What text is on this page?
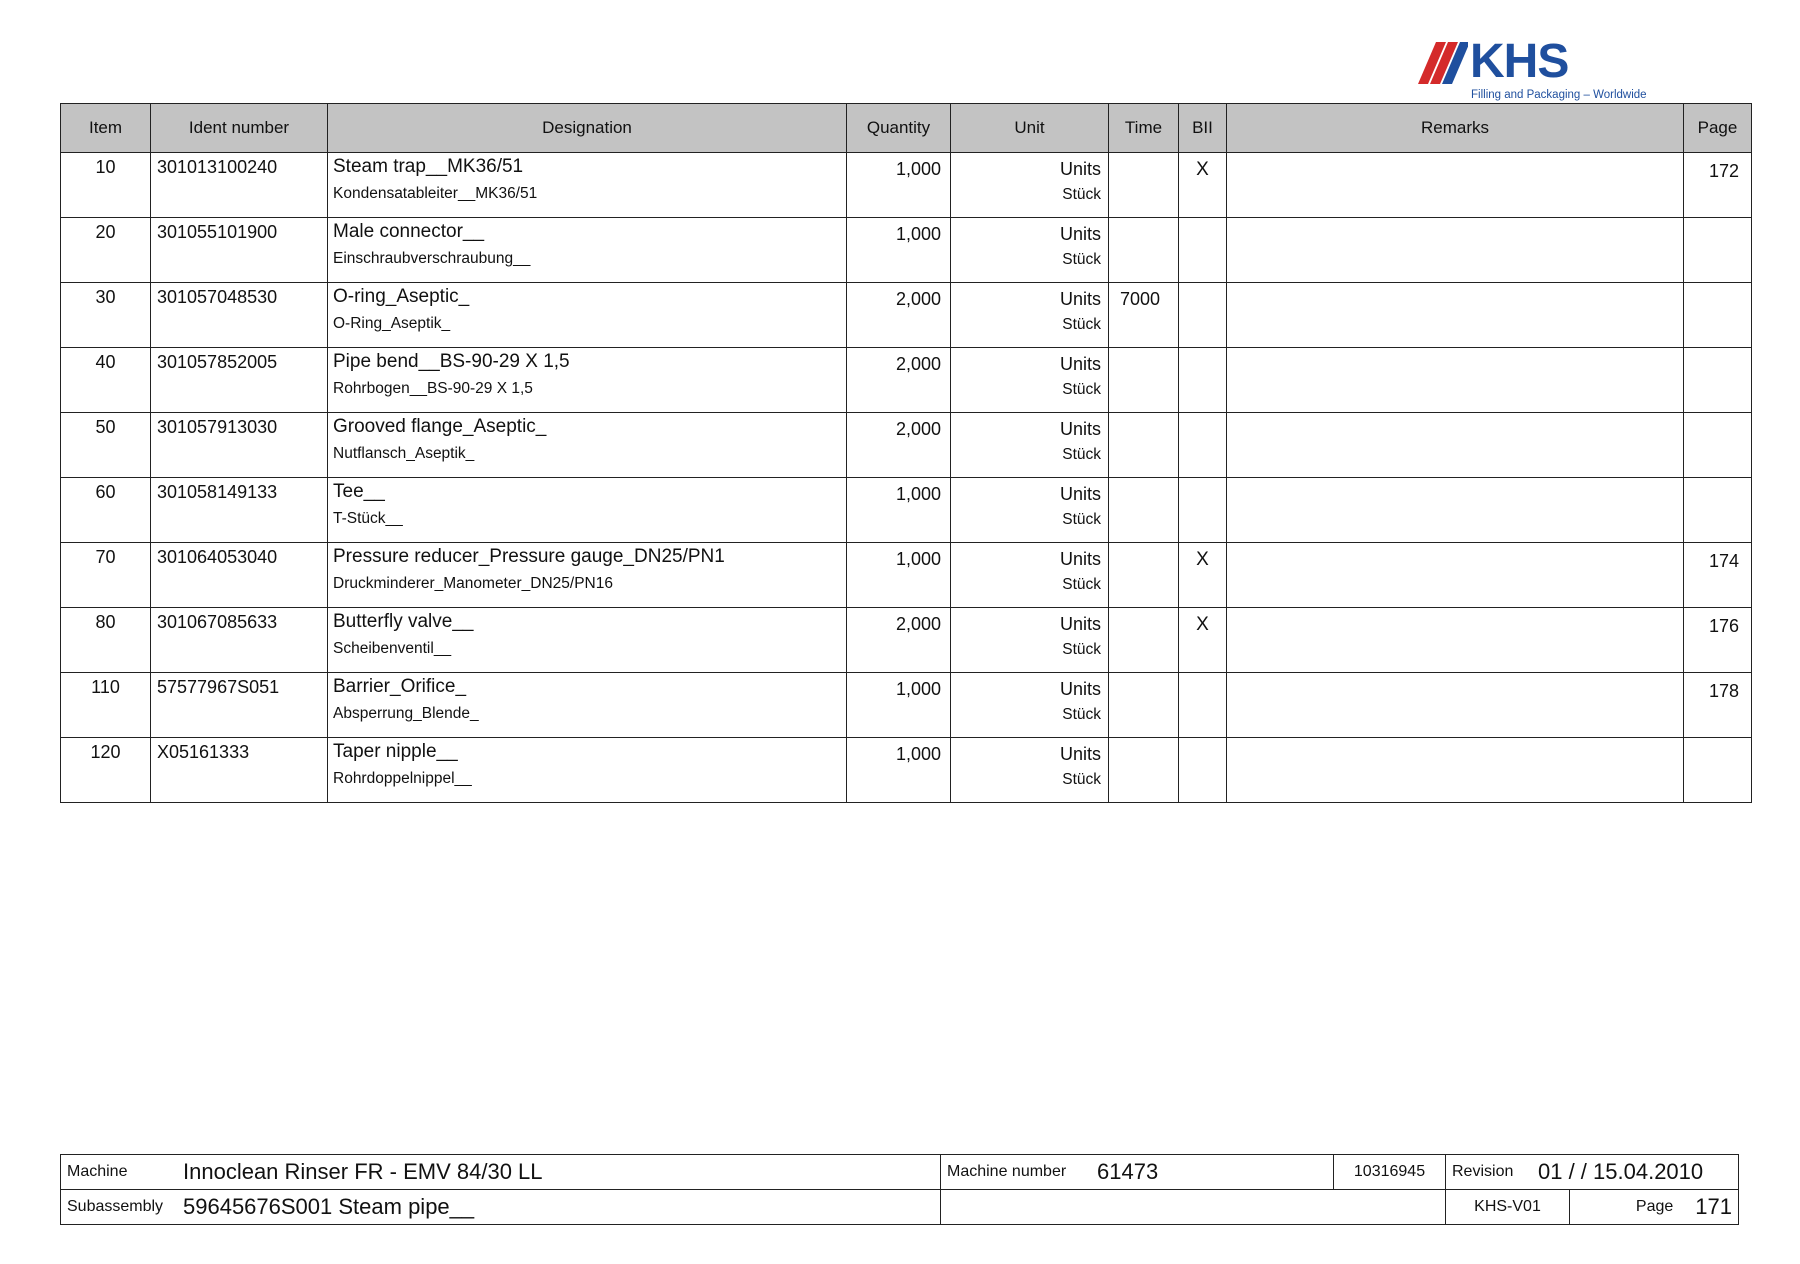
KHS
Filling and Packaging – Worldwide
Item	Ident number	Designation	Quantity	Unit	Time	BII	Remarks	Page
10	301013100240	Steam trap__MK36/51
Kondensatableiter__MK36/51	1,000	Units
Stück		X		172
20	301055101900	Male connector__
Einschraubverschraubung__	1,000	Units
Stück				

30	301057048530	O-ring_Aseptic_
O-Ring_Aseptik_	2,000	Units
Stück	7000			
40	301057852005	Pipe bend__BS-90-29 X 1,5
Rohrbogen__BS-90-29 X 1,5	2,000	Units
Stück				

50	301057913030	Grooved flange_Aseptic_
Nutflansch_Aseptik_	2,000	Units
Stück				

60	301058149133	Tee__
T-Stück__	1,000	Units
Stück				

70	301064053040	Pressure reducer_Pressure gauge_DN25/PN1
Druckminderer_Manometer_DN25/PN16	1,000	Units
Stück		X		174
80	301067085633	Butterfly valve__
Scheibenventil__	2,000	Units
Stück		X		176
110	57577967S051	Barrier_Orifice_
Absperrung_Blende_	1,000	Units
Stück				178
120	X05161333	Taper nipple__
Rohrdoppelnippel__	1,000	Units
Stück				

Machine Innoclean Rinser FR - EMV 84/30 LL	Machine number 61473	10316945	Revision 01 / / 15.04.2010	
Subassembly 59645676S001 Steam pipe__			KHS-V01	Page 171
